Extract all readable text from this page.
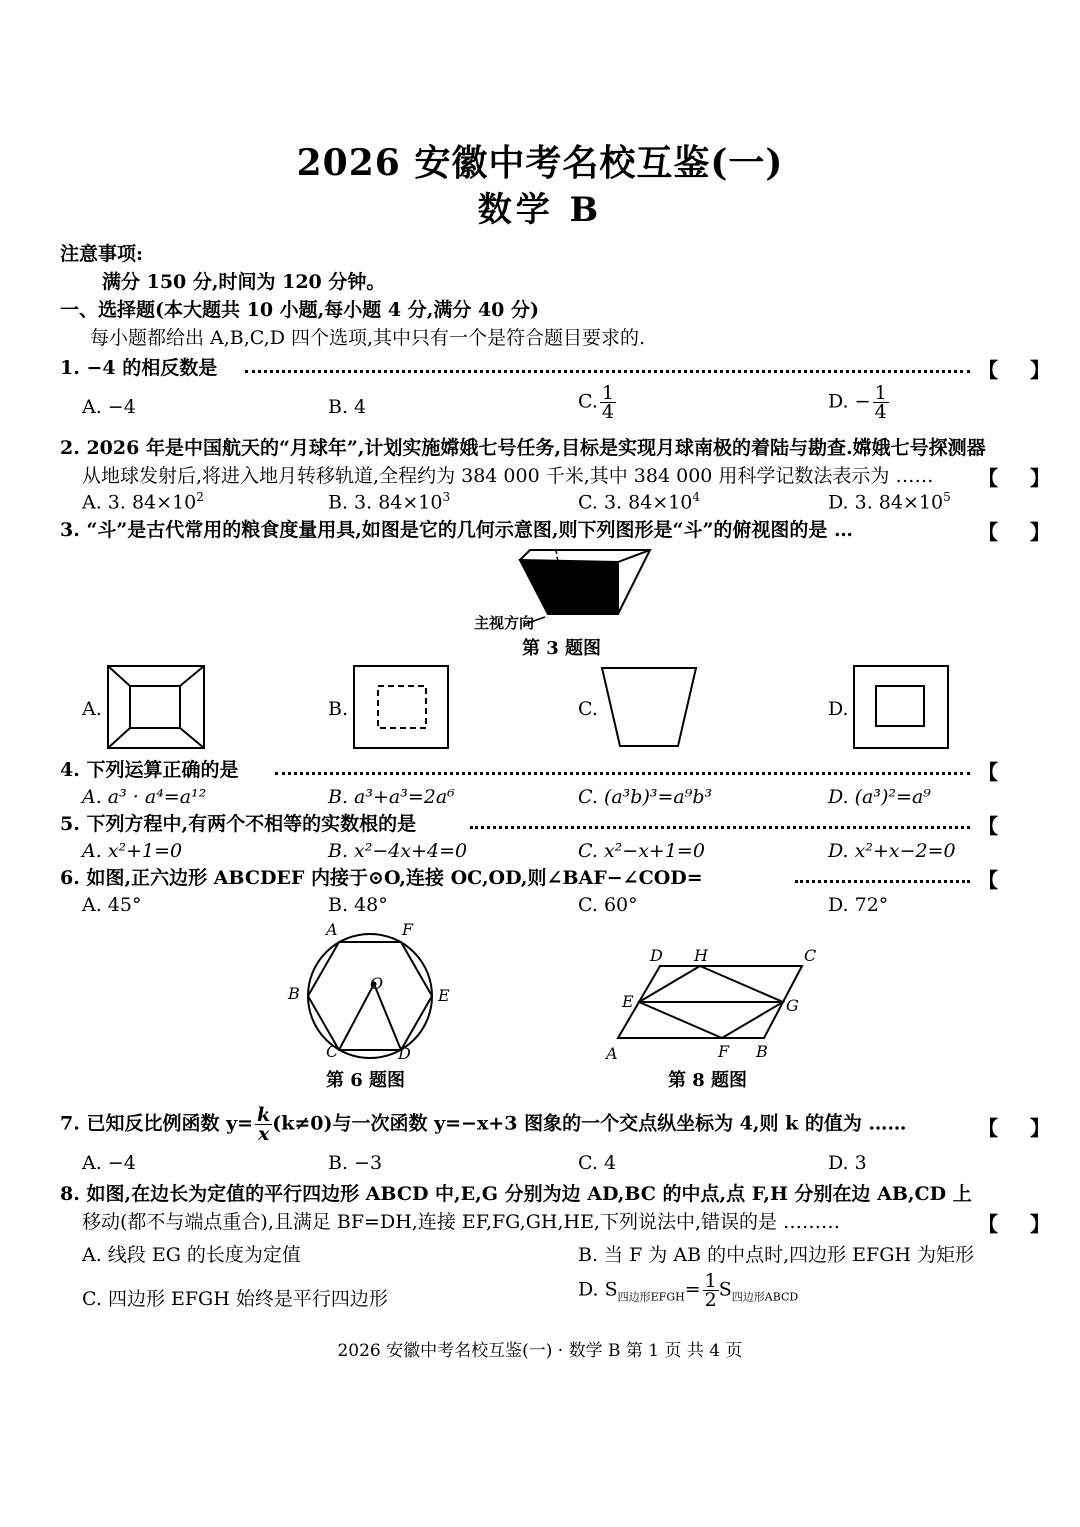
2026 安徽中考名校互鉴(一)
数学 B
注意事项:
满分 150 分,时间为 120 分钟。
一、选择题(本大题共 10 小题,每小题 4 分,满分 40 分)
每小题都给出 A,B,C,D 四个选项,其中只有一个是符合题目要求的.
1. −4 的相反数是	【 】
A. −4	B. 4	C. $\frac{1}{4}$	D. − $\frac{1}{4}$
2. 2026 年是中国航天的“月球年”,计划实施嫦娥七号任务,目标是实现月球南极的着陆与勘查.嫦娥七号探测器
从地球发射后,将进入地月转移轨道,全程约为 384 000 千米,其中 384 000 用科学记数法表示为 …… 【 】
A. 3. $84\times 10^2$	B. 3. $84\times 10^3$	C. 3. $84\times 10^4$	D. 3. $84\times 10^5$
3. “斗”是古代常用的粮食度量用具,如图是它的几何示意图,则下列图形是“斗”的俯视图的是 …	【 】
主视方向
第 3 题图
A.	B.	C.	D.
4. 下列运算正确的是	【
A. a³ · a⁴=a¹²	B. a³+a³=2a⁶	C. (a³b)³=a⁹b³	D. (a³)²=a⁹
5. 下列方程中,有两个不相等的实数根的是	【
A. x²+1=0	B. x²−4x+4=0	C. x²−x+1=0	D. x²+x−2=0
6. 如图,正六边形 ABCDEF 内接于⊙O,连接 OC,OD,则∠BAF−∠COD=	【
A. 45°	B. 48°	C. 60°	D. 72°
A	F
B	E
O
C	D
第 6 题图
D H	C
E	G
A	F B
第 8 题图
7. 已知反比例函数 $y= \frac{k}{x} (k\ne 0)$与一次函数 y=−x+3 图象的一个交点纵坐标为 4,则 k 的值为 ……	【 】
A. −4	B. −3	C. 4	D. 3
8. 如图,在边长为定值的平行四边形 ABCD 中,E,G 分别为边 AD,BC 的中点,点 F,H 分别在边 AB,CD 上
移动(都不与端点重合),且满足 BF=DH,连接 EF,FG,GH,HE,下列说法中,错误的是 ………	【 】
A. 线段 EG 的长度为定值	B. 当 F 为 AB 的中点时,四边形 EFGH 为矩形
C. 四边形 EFGH 始终是平行四边形	D. $S_{四边形EFGH}= \frac{1}{2} S_{四边形ABCD}$
2026 安徽中考名校互鉴(一) · 数学 B 第 1 页 共 4 页
